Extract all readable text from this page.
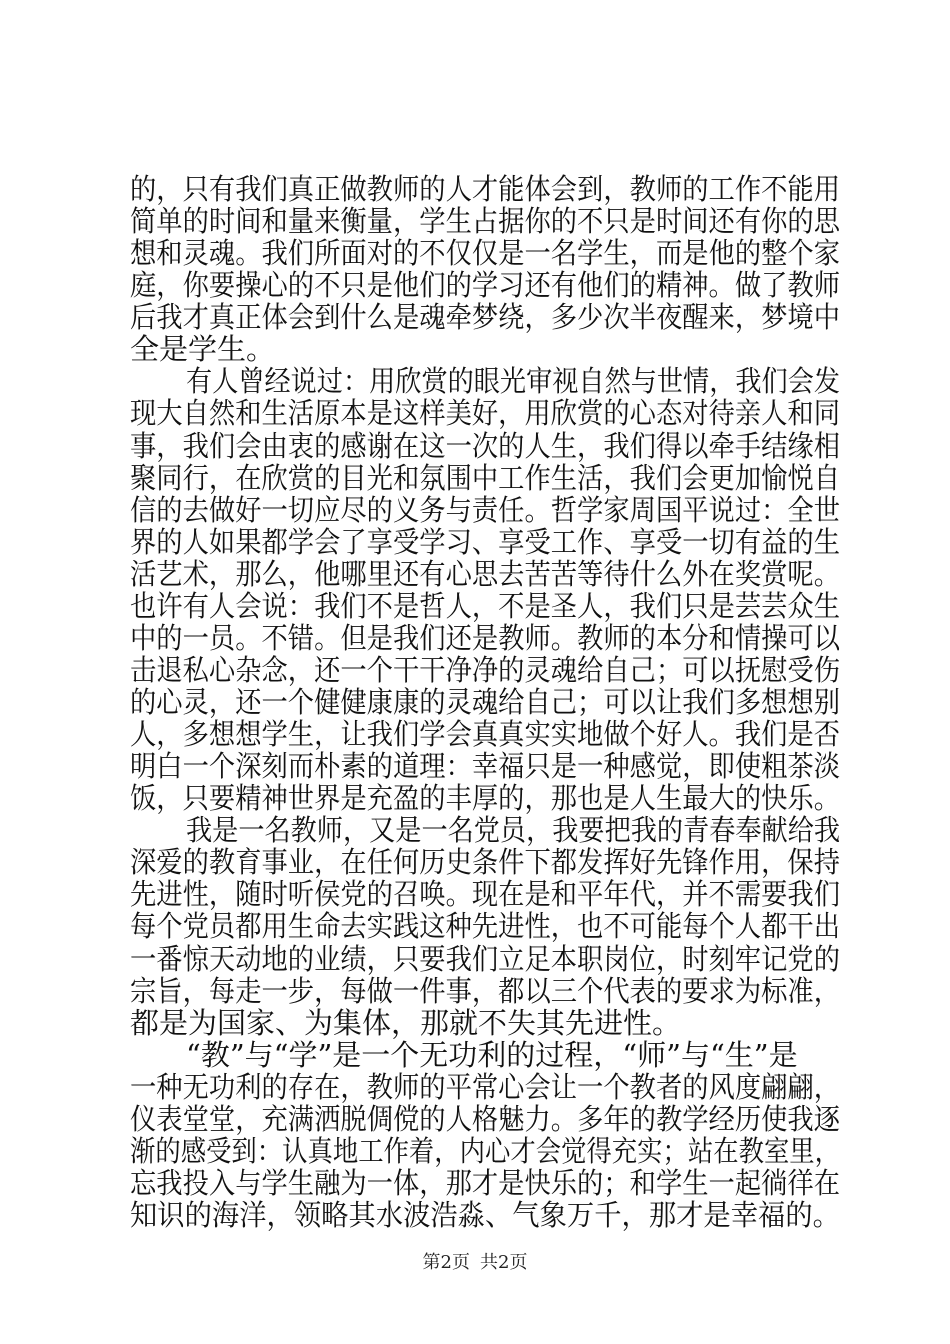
的，只有我们真正做教师的人才能体会到，教师的工作不能用
简单的时间和量来衡量，学生占据你的不只是时间还有你的思
想和灵魂。我们所面对的不仅仅是一名学生，而是他的整个家
庭，你要操心的不只是他们的学习还有他们的精神。做了教师
后我才真正体会到什么是魂牵梦绕，多少次半夜醒来，梦境中
全是学生。
有人曾经说过：用欣赏的眼光审视自然与世情，我们会发
现大自然和生活原本是这样美好，用欣赏的心态对待亲人和同
事，我们会由衷的感谢在这一次的人生，我们得以牵手结缘相
聚同行，在欣赏的目光和氛围中工作生活，我们会更加愉悦自
信的去做好一切应尽的义务与责任。哲学家周国平说过：全世
界的人如果都学会了享受学习、享受工作、享受一切有益的生
活艺术，那么，他哪里还有心思去苦苦等待什么外在奖赏呢。
也许有人会说：我们不是哲人，不是圣人，我们只是芸芸众生
中的一员。不错。但是我们还是教师。教师的本分和情操可以
击退私心杂念，还一个干干净净的灵魂给自己；可以抚慰受伤
的心灵，还一个健健康康的灵魂给自己；可以让我们多想想别
人，多想想学生，让我们学会真真实实地做个好人。我们是否
明白一个深刻而朴素的道理：幸福只是一种感觉，即使粗茶淡
饭，只要精神世界是充盈的丰厚的，那也是人生最大的快乐。
我是一名教师，又是一名党员，我要把我的青春奉献给我
深爱的教育事业，在任何历史条件下都发挥好先锋作用，保持
先进性，随时听侯党的召唤。现在是和平年代，并不需要我们
每个党员都用生命去实践这种先进性，也不可能每个人都干出
一番惊天动地的业绩，只要我们立足本职岗位，时刻牢记党的
宗旨，每走一步，每做一件事，都以三个代表的要求为标准，
都是为国家、为集体，那就不失其先进性。
“教”与“学”是一个无功利的过程，“师”与“生”是
一种无功利的存在，教师的平常心会让一个教者的风度翩翩，
仪表堂堂，充满洒脱倜傥的人格魅力。多年的教学经历使我逐
渐的感受到：认真地工作着，内心才会觉得充实；站在教室里，
忘我投入与学生融为一体，那才是快乐的；和学生一起徜徉在
知识的海洋，领略其水波浩淼、气象万千，那才是幸福的。
第2页 共2页
